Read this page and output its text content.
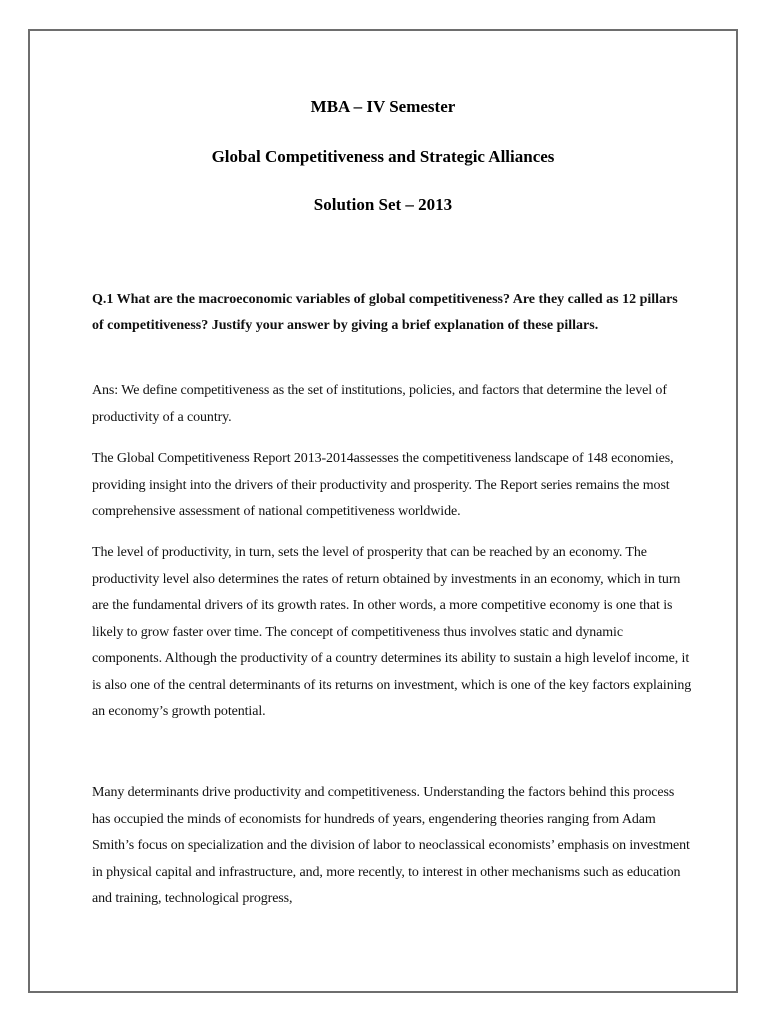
MBA – IV Semester
Global Competitiveness and Strategic Alliances
Solution Set – 2013

Q.1 What are the macroeconomic variables of global competitiveness? Are they called as 12 pillars of competitiveness? Justify your answer by giving a brief explanation of these pillars.

Ans: We define competitiveness as the set of institutions, policies, and factors that determine the level of productivity of a country.

The Global Competitiveness Report 2013-2014assesses the competitiveness landscape of 148 economies, providing insight into the drivers of their productivity and prosperity. The Report series remains the most comprehensive assessment of national competitiveness worldwide.

The level of productivity, in turn, sets the level of prosperity that can be reached by an economy. The productivity level also determines the rates of return obtained by investments in an economy, which in turn are the fundamental drivers of its growth rates. In other words, a more competitive economy is one that is likely to grow faster over time. The concept of competitiveness thus involves static and dynamic components. Although the productivity of a country determines its ability to sustain a high levelof income, it is also one of the central determinants of its returns on investment, which is one of the key factors explaining an economy’s growth potential.

Many determinants drive productivity and competitiveness. Understanding the factors behind this process has occupied the minds of economists for hundreds of years, engendering theories ranging from Adam Smith’s focus on specialization and the division of labor to neoclassical economists’ emphasis on investment in physical capital and infrastructure, and, more recently, to interest in other mechanisms such as education and training, technological progress,
